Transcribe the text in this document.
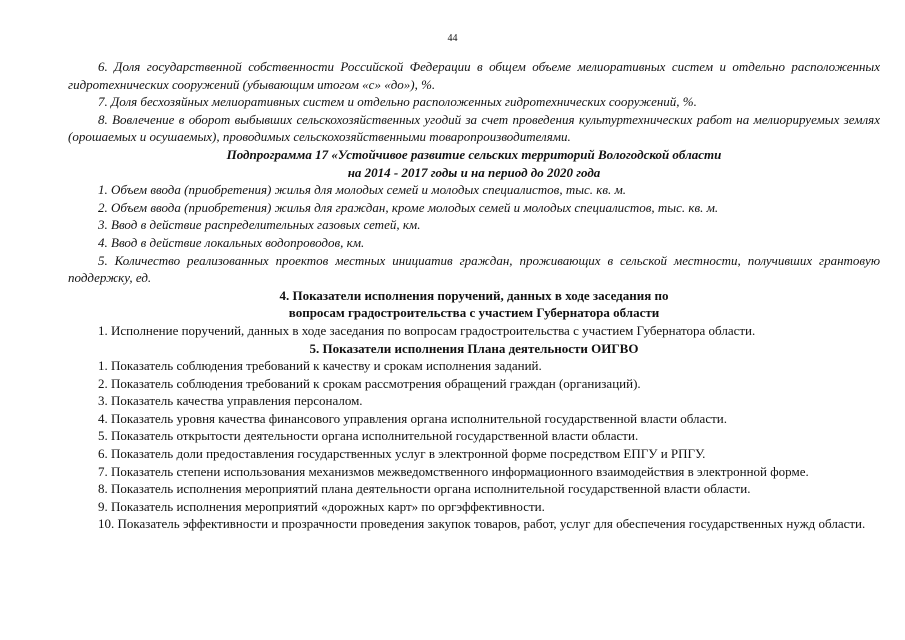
44

6. Доля государственной собственности Российской Федерации в общем объеме мелиоративных систем и отдельно расположенных гидротехнических сооружений (убывающим итогом «с» «до»), %.

7. Доля бесхозяйных мелиоративных систем и отдельно расположенных гидротехнических сооружений, %.

8. Вовлечение в оборот выбывших сельскохозяйственных угодий за счет проведения культуртехнических работ на мелиорируемых землях (орошаемых и осушаемых), проводимых сельскохозяйственными товаропроизводителями.

Подпрограмма 17 «Устойчивое развитие сельских территорий Вологодской области
на 2014 - 2017 годы и на период до 2020 года

1. Объем ввода (приобретения) жилья для молодых семей и молодых специалистов, тыс. кв. м.

2. Объем ввода (приобретения) жилья для граждан, кроме молодых семей и молодых специалистов, тыс. кв. м.

3. Ввод в действие распределительных газовых сетей, км.

4. Ввод в действие локальных водопроводов, км.

5. Количество реализованных проектов местных инициатив граждан, проживающих в сельской местности, получивших грантовую поддержку, ед.

4. Показатели исполнения поручений, данных в ходе заседания по
вопросам градостроительства с участием Губернатора области

1. Исполнение поручений, данных в ходе заседания по вопросам градостроительства с участием Губернатора области.

5. Показатели исполнения Плана деятельности ОИГВО

1. Показатель соблюдения требований к качеству и срокам исполнения заданий.

2. Показатель соблюдения требований к срокам рассмотрения обращений граждан (организаций).

3. Показатель качества управления персоналом.

4. Показатель уровня качества финансового управления органа исполнительной государственной власти области.

5. Показатель открытости деятельности органа исполнительной государственной власти области.

6. Показатель доли предоставления государственных услуг в электронной форме посредством ЕПГУ и РПГУ.

7. Показатель степени использования механизмов межведомственного информационного взаимодействия в электронной форме.

8. Показатель исполнения мероприятий плана деятельности органа исполнительной государственной власти области.

9. Показатель исполнения мероприятий «дорожных карт» по оргэффективности.

10. Показатель эффективности и прозрачности проведения закупок товаров, работ, услуг для обеспечения государственных нужд области.
